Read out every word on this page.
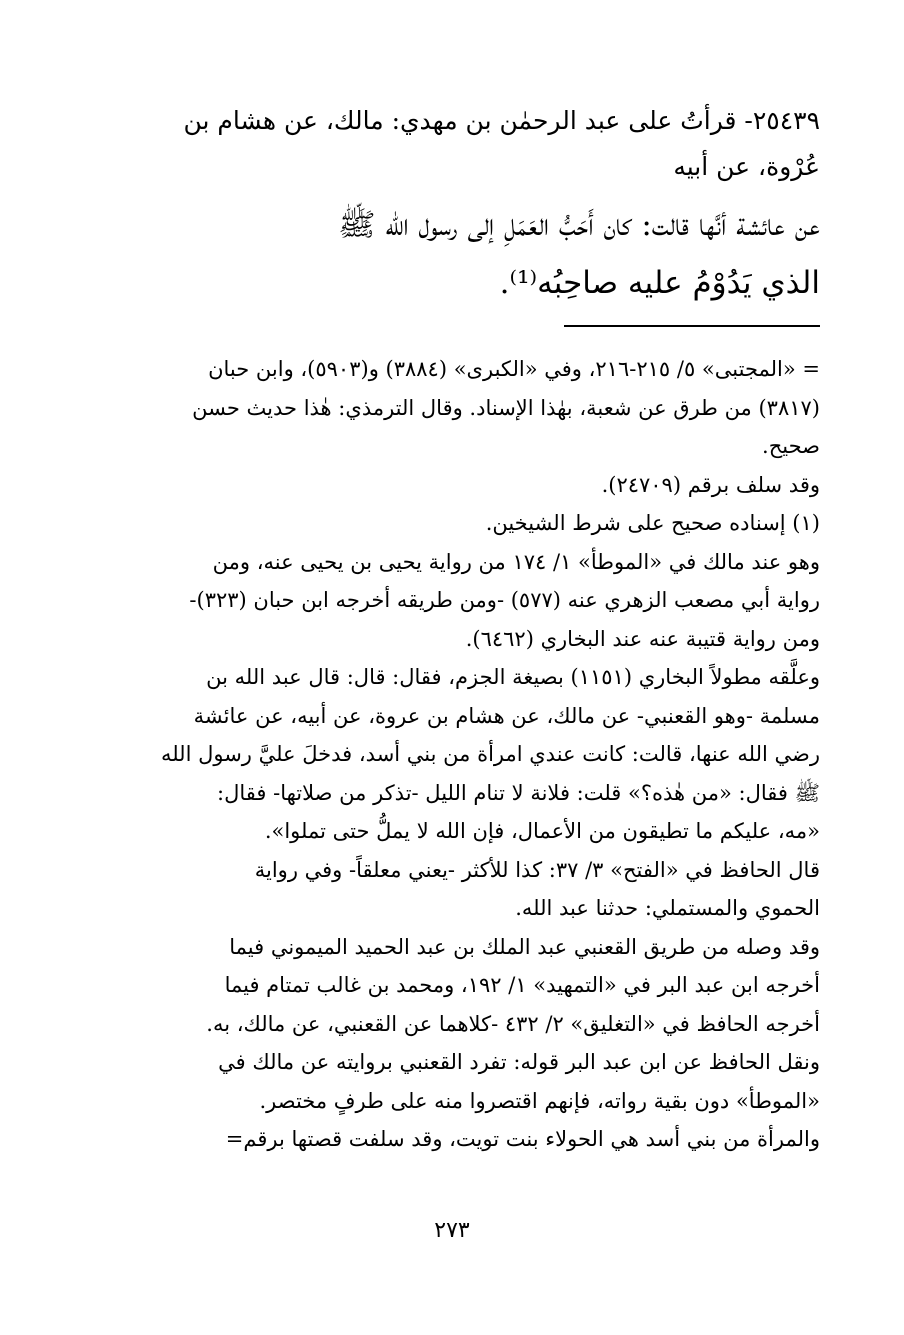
٢٥٤٣٩- قرأتُ على عبد الرحمٰن بن مهدي: مالك، عن هشام بن
عُرْوة، عن أبيه
عن عائشة أنَّها قالت: كان أَحَبُّ العَمَلِ إلى رسول الله ﷺ
الذي يَدُوْمُ عليه صاحِبُه⁽¹⁾.
= «المجتبى» ٥/ ٢١٥-٢١٦، وفي «الكبرى» (٣٨٨٤) و(٥٩٠٣)، وابن حبان
(٣٨١٧) من طرق عن شعبة، بهٰذا الإسناد. وقال الترمذي: هٰذا حديث حسن
صحيح.
وقد سلف برقم (٢٤٧٠٩).
(١) إسناده صحيح على شرط الشيخين.
وهو عند مالك في «الموطأ» ١/ ١٧٤ من رواية يحيى بن يحيى عنه، ومن
رواية أبي مصعب الزهري عنه (٥٧٧) -ومن طريقه أخرجه ابن حبان (٣٢٣)-
ومن رواية قتيبة عنه عند البخاري (٦٤٦٢).
وعلَّقه مطولاً البخاري (١١٥١) بصيغة الجزم، فقال: قال: قال عبد الله بن
مسلمة -وهو القعنبي- عن مالك، عن هشام بن عروة، عن أبيه، عن عائشة
رضي الله عنها، قالت: كانت عندي امرأة من بني أسد، فدخلَ عليَّ رسول الله
ﷺ فقال: «من هٰذه؟» قلت: فلانة لا تنام الليل -تذكر من صلاتها- فقال:
«مه، عليكم ما تطيقون من الأعمال، فإن الله لا يملُّ حتى تملوا».
قال الحافظ في «الفتح» ٣/ ٣٧: كذا للأكثر -يعني معلقاً- وفي رواية
الحموي والمستملي: حدثنا عبد الله.
وقد وصله من طريق القعنبي عبد الملك بن عبد الحميد الميموني فيما
أخرجه ابن عبد البر في «التمهيد» ١/ ١٩٢، ومحمد بن غالب تمتام فيما
أخرجه الحافظ في «التغليق» ٢/ ٤٣٢ -كلاهما عن القعنبي، عن مالك، به.
ونقل الحافظ عن ابن عبد البر قوله: تفرد القعنبي بروايته عن مالك في
«الموطأ» دون بقية رواته، فإنهم اقتصروا منه على طرفٍ مختصر.
والمرأة من بني أسد هي الحولاء بنت تويت، وقد سلفت قصتها برقم=
٢٧٣
